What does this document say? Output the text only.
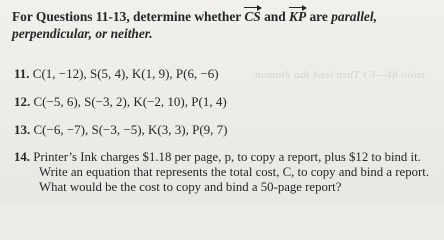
For Questions 11-13, determine whether CS and KP are parallel,
perpendicular, or neither.
11. C(1, −12), S(5, 4), K(1, 9), P(6, −6)	nomoth adt basl nsdT t 3—4b olom
12. C(−5, 6), S(−3, 2), K(−2, 10), P(1, 4)
13. C(−6, −7), S(−3, −5), K(3, 3), P(9, 7)
14. Printer’s Ink charges $1.18 per page, p, to copy a report, plus $12 to bind it.
Write an equation that represents the total cost, C, to copy and bind a report.
What would be the cost to copy and bind a 50-page report?
